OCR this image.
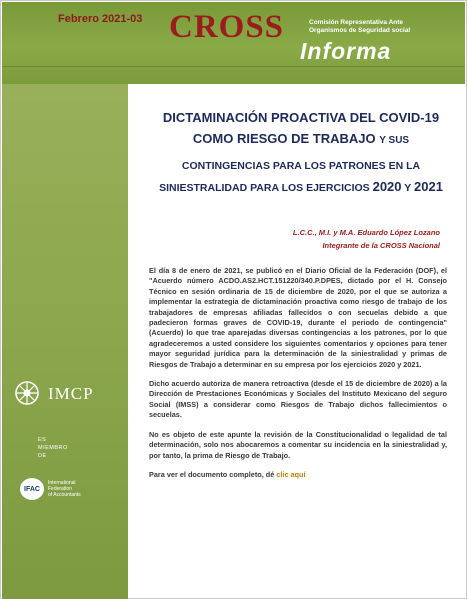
Febrero 2021-03 CROSS	Comisión Representativa Ante
Organismos de Seguridad social
Informa
IMCP
ES
MIEMBRO
DE
IFAC
International
Federation
of Accountants
DICTAMINACIÓN PROACTIVA DEL COVID-19
COMO RIESGO DE TRABAJO Y SUS
CONTINGENCIAS PARA LOS PATRONES EN LA
SINIESTRALIDAD PARA LOS EJERCICIOS 2020 Y 2021
L.C.C., M.I. y M.A. Eduardo López Lozano
Integrante de la CROSS Nacional

El día 8 de enero de 2021, se publicó en el Diario Oficial de la Federación (DOF), el "Acuerdo número ACDO.AS2.HCT.151220/340.P.DPES, dictado por el H. Consejo Técnico en sesión ordinaria de 15 de diciembre de 2020, por el que se autoriza a implementar la estrategia de dictaminación proactiva como riesgo de trabajo de los trabajadores de empresas afiliadas fallecidos o con secuelas debido a que padecieron formas graves de COVID-19, durante el periodo de contingencia" (Acuerdo) lo que trae aparejadas diversas contingencias a los patrones, por lo que agradeceremos a usted considere los siguientes comentarios y opciones para tener mayor seguridad jurídica para la determinación de la siniestralidad y primas de Riesgos de Trabajo a determinar en su empresa por los ejercicios 2020 y 2021.

Dicho acuerdo autoriza de manera retroactiva (desde el 15 de diciembre de 2020) a la Dirección de Prestaciones Económicas y Sociales del Instituto Mexicano del seguro Social (IMSS) a considerar como Riesgos de Trabajo dichos fallecimientos o secuelas.

No es objeto de este apunte la revisión de la Constitucionalidad o legalidad de tal determinación, solo nos abocaremos a comentar su incidencia en la siniestralidad y, por tanto, la prima de Riesgo de Trabajo.

Para ver el documento completo, dé clic aquí
